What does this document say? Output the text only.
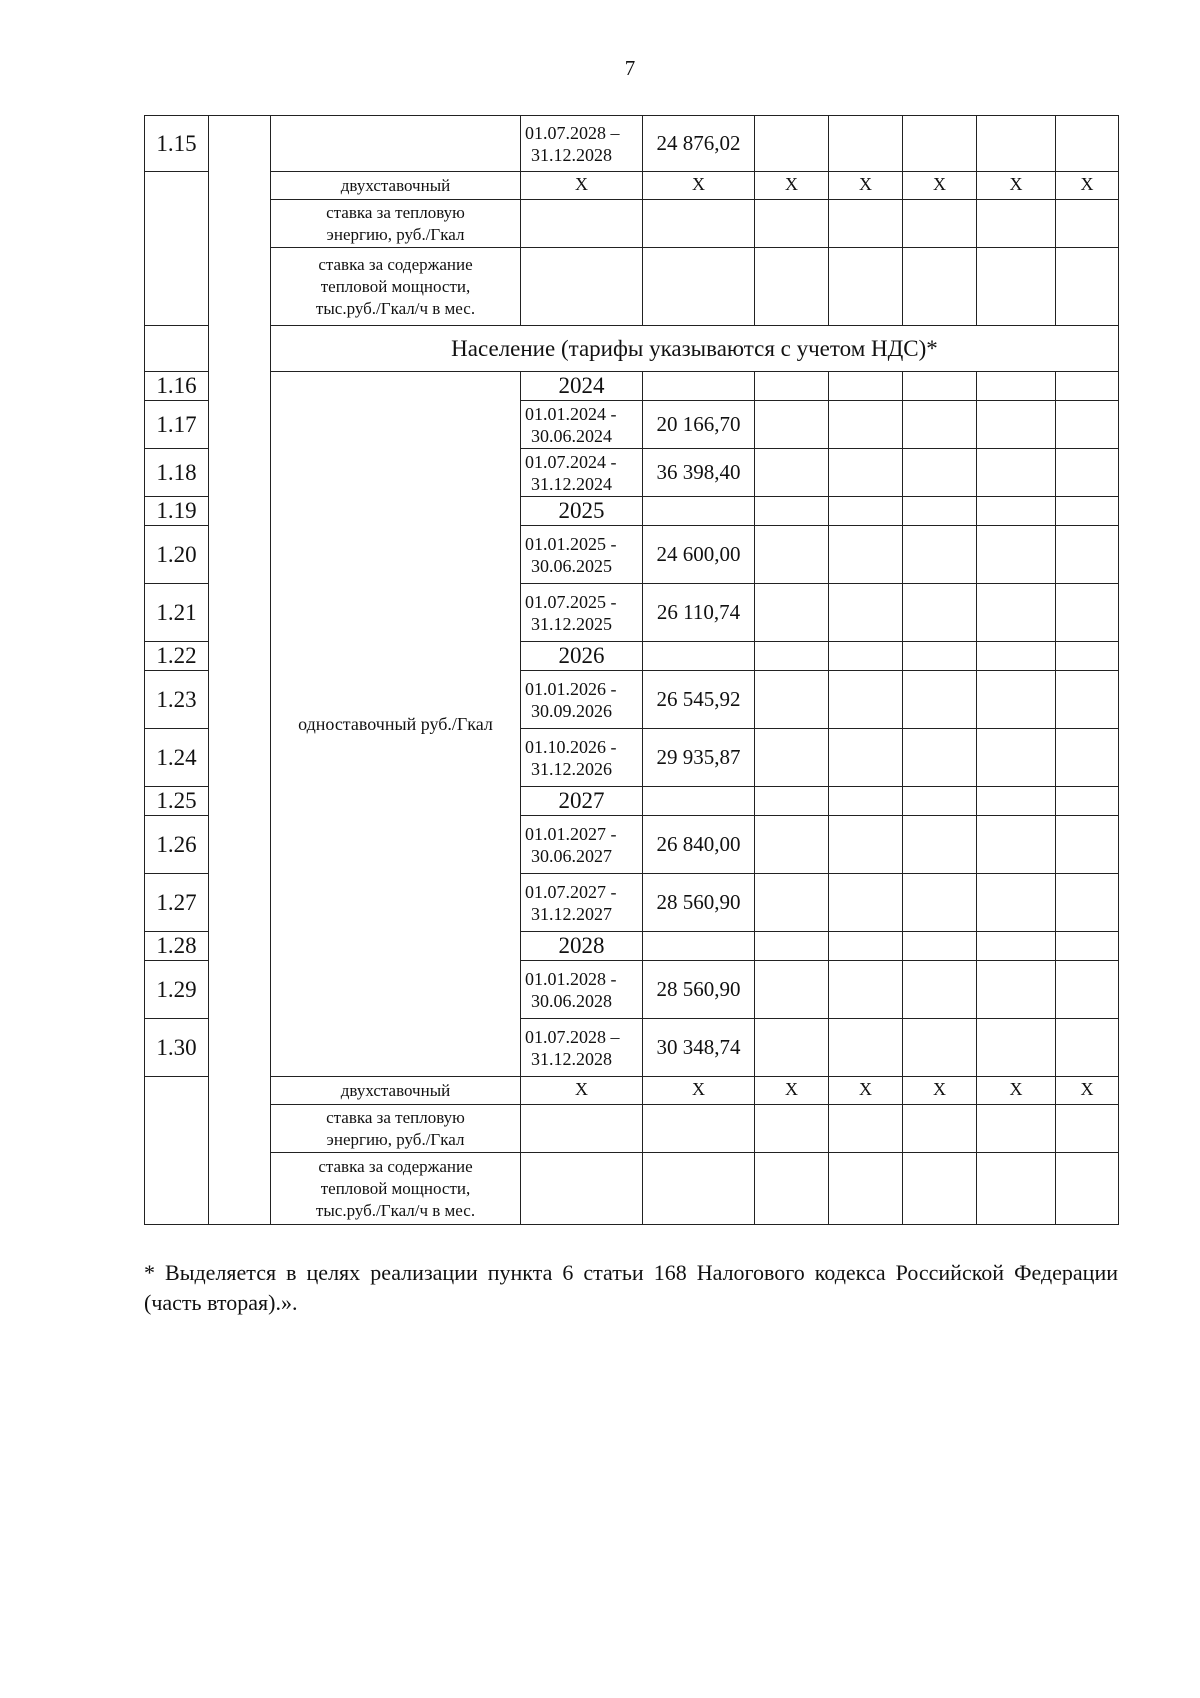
7
1.15			01.07.2028 –
31.12.2028	24 876,02					
		двухставочный	X	X	X	X	X	X	X

		ставка за тепловую
энергию, руб./Гкал							

		ставка за содержание
тепловой мощности,
тыс.руб./Гкал/ч в мес.							

		Население (тарифы указываются с учетом НДС)*							
1.16		одноставочный руб./Гкал	2024						
1.17			01.01.2024 -
30.06.2024	20 166,70					
1.18			01.07.2024 -
31.12.2024	36 398,40					
1.19			2025						
1.20			01.01.2025 -
30.06.2025	24 600,00					
1.21			01.07.2025 -
31.12.2025	26 110,74					
1.22			2026						
1.23			01.01.2026 -
30.09.2026	26 545,92					
1.24			01.10.2026 -
31.12.2026	29 935,87					
1.25			2027						
1.26			01.01.2027 -
30.06.2027	26 840,00					
1.27			01.07.2027 -
31.12.2027	28 560,90					
1.28			2028						
1.29			01.01.2028 -
30.06.2028	28 560,90					
1.30			01.07.2028 –
31.12.2028	30 348,74					
		двухставочный	X	X	X	X	X	X	X

		ставка за тепловую
энергию, руб./Гкал							

		ставка за содержание
тепловой мощности,
тыс.руб./Гкал/ч в мес.							

* Выделяется в целях реализации пункта 6 статьи 168 Налогового кодекса Российской Федерации (часть вторая).».
